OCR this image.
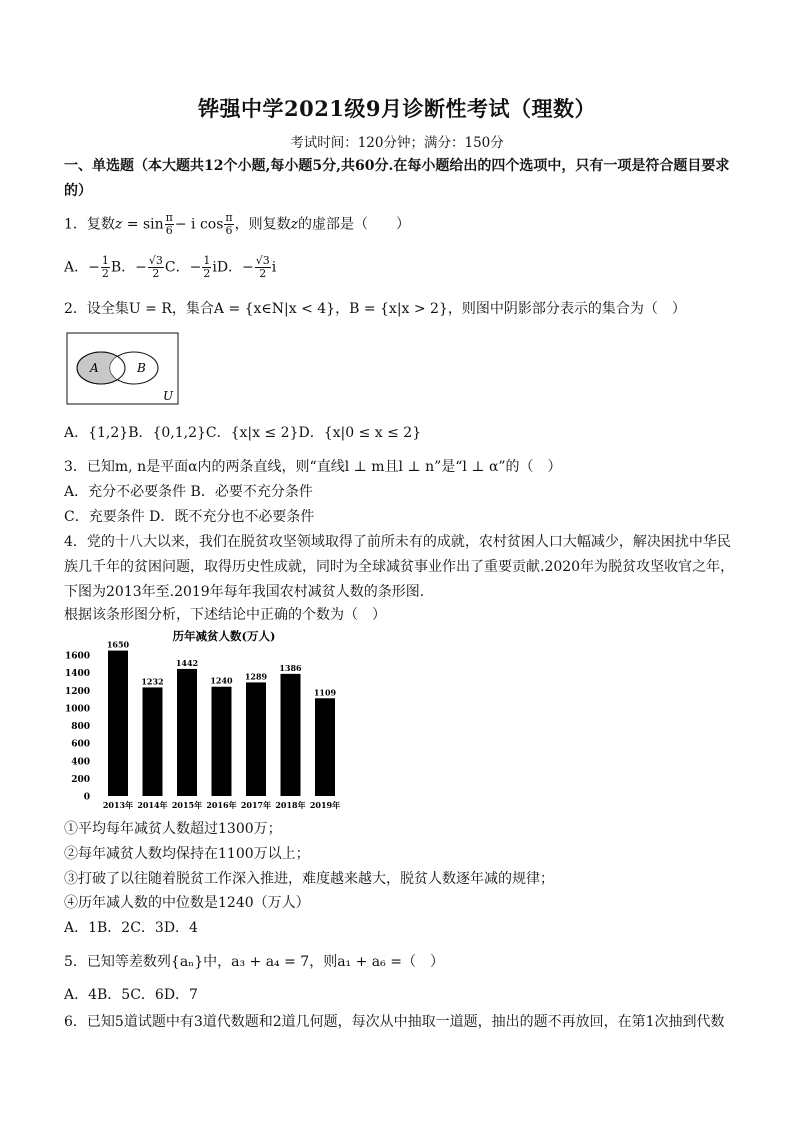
铧强中学2021级9月诊断性考试（理数）
考试时间：120分钟；满分：150分
一、单选题（本大题共12个小题,每小题5分,共60分.在每小题给出的四个选项中，只有一项是符合题目要求
的）
1．复数$z = \sin \frac{\pi}{6} - i$ $\cos \frac{\pi}{6}$ ，则复数z的虚部是（　　）
A．− $\frac{1}{2}$ B．− $\frac{√3}{2}$ C．− $\frac{1}{2}$ iD．− $\frac{√3}{2}$ i
2．设全集U = R，集合A = {x∈N|x < 4}，B = {x|x > 2}，则图中阴影部分表示的集合为（　）
A	B
U
A．{1,2}B．{0,1,2}C．{x|x ≤ 2}D．{x|0 ≤ x ≤ 2}
3．已知m, n是平面α内的两条直线，则“直线l ⊥ m且l ⊥ n”是“l ⊥ α”的（　）
A．充分不必要条件 B．必要不充分条件
C．充要条件 D．既不充分也不必要条件
4．党的十八大以来，我们在脱贫攻坚领域取得了前所未有的成就，农村贫困人口大幅减少，解决困扰中华民
族几千年的贫困问题，取得历史性成就，同时为全球减贫事业作出了重要贡献.2020年为脱贫攻坚收官之年，
下图为2013年至.2019年每年我国农村减贫人数的条形图.
根据该条形图分析，下述结论中正确的个数为（　）
历年减贫人数(万人)
0
200
400
600
800
1000
1200
1400
1600
1650
1232
1442
1240 1289
1386
1109
2013年 2014年 2015年 2016年 2017年 2018年 2019年
①平均每年减贫人数超过1300万；
②每年减贫人数均保持在1100万以上；
③打破了以往随着脱贫工作深入推进，难度越来越大，脱贫人数逐年减的规律；
④历年减人数的中位数是1240（万人）
A．1B．2C．3D．4
5．已知等差数列{aₙ}中，a₃ + a₄ = 7，则a₁ + a₆ =（　）
A．4B．5C．6D．7
6．已知5道试题中有3道代数题和2道几何题，每次从中抽取一道题，抽出的题不再放回，在第1次抽到代数
